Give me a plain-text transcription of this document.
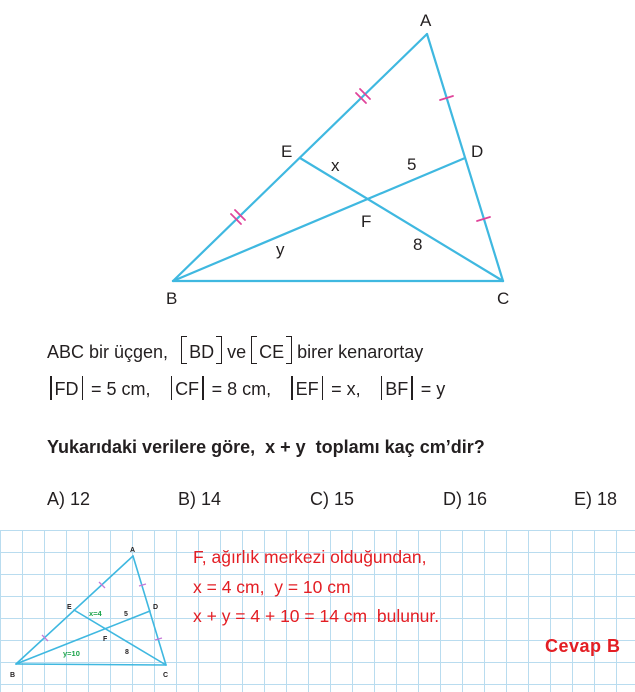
A
B	C
D
E
F
x	5
y	8
ABC bir üçgen, BD ve CE birer kenarortay
FD = 5 cm, CF = 8 cm, EF = x, BF = y
Yukarıdaki verilere göre,  x + y  toplamı kaç cm’dir?
A) 12	B) 14	C) 15	D) 16	E) 18
A
B	C
D
E
F
5
8
x=4
y=10
F, ağırlık merkezi olduğundan,
x = 4 cm,  y = 10 cm
x + y = 4 + 10 = 14 cm  bulunur.
Cevap B
